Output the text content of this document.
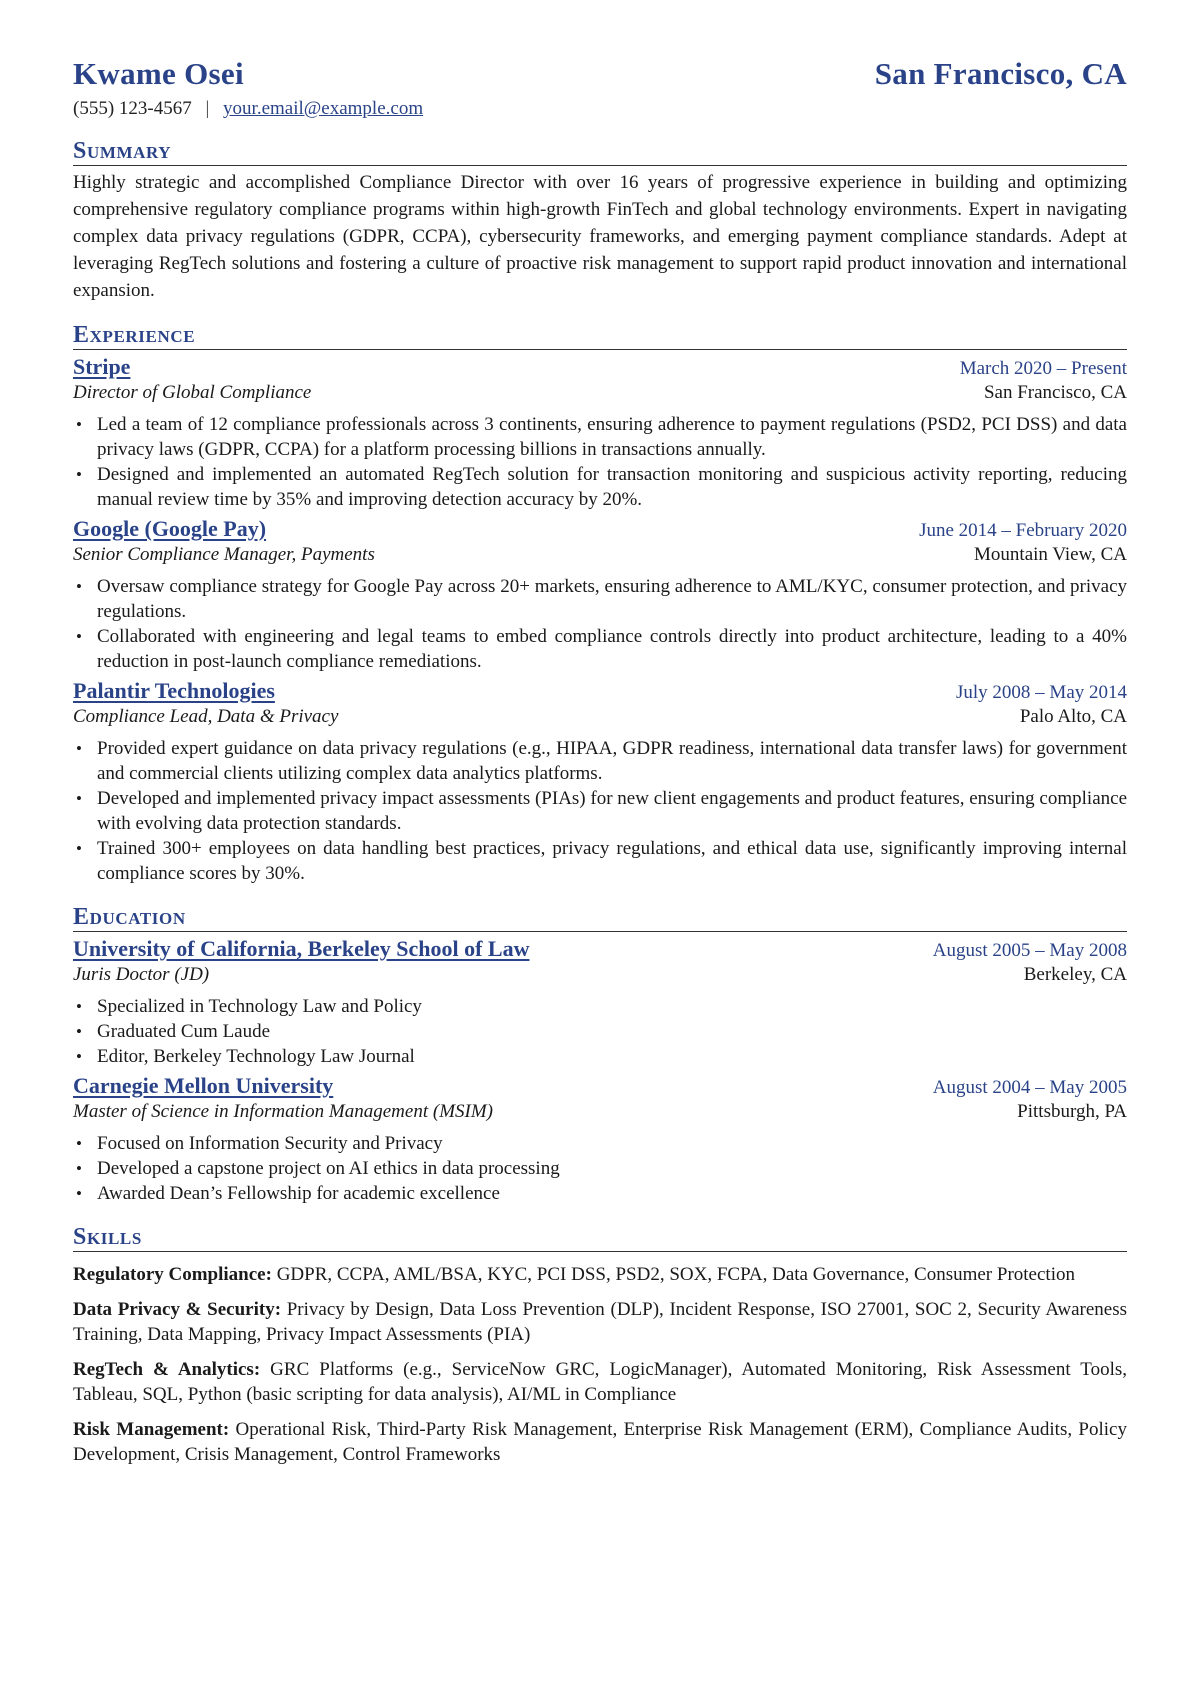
Kwame Osei	San Francisco, CA
(555) 123-4567 | your.email@example.com
Summary
Highly strategic and accomplished Compliance Director with over 16 years of progressive experience in building and optimizing comprehensive regulatory compliance programs within high-growth FinTech and global technology environments. Expert in navigating complex data privacy regulations (GDPR, CCPA), cybersecurity frameworks, and emerging payment compliance standards. Adept at leveraging RegTech solutions and fostering a culture of proactive risk management to support rapid product innovation and international expansion.
Experience
Stripe	March 2020 – Present
Director of Global Compliance	San Francisco, CA
• Led a team of 12 compliance professionals across 3 continents, ensuring adherence to payment regulations (PSD2, PCI DSS) and data privacy laws (GDPR, CCPA) for a platform processing billions in transactions annually.
• Designed and implemented an automated RegTech solution for transaction monitoring and suspicious activity reporting, reducing manual review time by 35% and improving detection accuracy by 20%.
Google (Google Pay)	June 2014 – February 2020
Senior Compliance Manager, Payments	Mountain View, CA
• Oversaw compliance strategy for Google Pay across 20+ markets, ensuring adherence to AML/KYC, consumer protection, and privacy regulations.
• Collaborated with engineering and legal teams to embed compliance controls directly into product architecture, leading to a 40% reduction in post-launch compliance remediations.
Palantir Technologies	July 2008 – May 2014
Compliance Lead, Data & Privacy	Palo Alto, CA
• Provided expert guidance on data privacy regulations (e.g., HIPAA, GDPR readiness, international data transfer laws) for government and commercial clients utilizing complex data analytics platforms.
• Developed and implemented privacy impact assessments (PIAs) for new client engagements and product features, ensuring compliance with evolving data protection standards.
• Trained 300+ employees on data handling best practices, privacy regulations, and ethical data use, significantly improving internal compliance scores by 30%.
Education
University of California, Berkeley School of Law	August 2005 – May 2008
Juris Doctor (JD)	Berkeley, CA
• Specialized in Technology Law and Policy
• Graduated Cum Laude
• Editor, Berkeley Technology Law Journal
Carnegie Mellon University	August 2004 – May 2005
Master of Science in Information Management (MSIM)	Pittsburgh, PA
• Focused on Information Security and Privacy
• Developed a capstone project on AI ethics in data processing
• Awarded Dean’s Fellowship for academic excellence
Skills
Regulatory Compliance: GDPR, CCPA, AML/BSA, KYC, PCI DSS, PSD2, SOX, FCPA, Data Governance, Consumer Protection
Data Privacy & Security: Privacy by Design, Data Loss Prevention (DLP), Incident Response, ISO 27001, SOC 2, Security Awareness Training, Data Mapping, Privacy Impact Assessments (PIA)
RegTech & Analytics: GRC Platforms (e.g., ServiceNow GRC, LogicManager), Automated Monitoring, Risk Assessment Tools, Tableau, SQL, Python (basic scripting for data analysis), AI/ML in Compliance
Risk Management: Operational Risk, Third-Party Risk Management, Enterprise Risk Management (ERM), Compliance Audits, Policy Development, Crisis Management, Control Frameworks
